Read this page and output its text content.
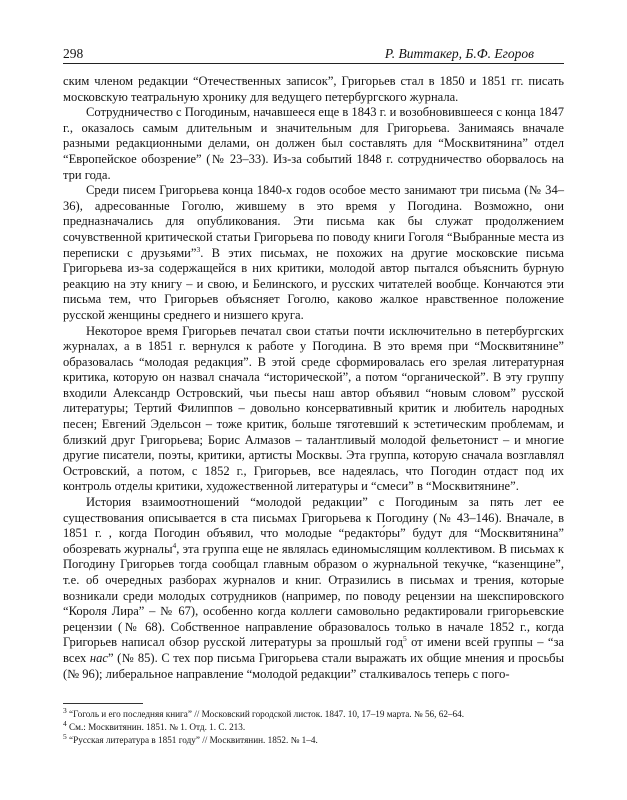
298	Р. Виттакер, Б.Ф. Егоров

ским членом редакции “Отечественных записок”, Григорьев стал в 1850 и 1851 гг. писать московскую театральную хронику для ведущего петербургского журнала.

Сотрудничество с Погодиным, начавшееся еще в 1843 г. и возобновившееся с конца 1847 г., оказалось самым длительным и значительным для Григорьева. Занимаясь вначале разными редакционными делами, он должен был составлять для “Москвитянина” отдел “Европейское обозрение” (№ 23–33). Из-за событий 1848 г. сотрудничество оборвалось на три года.

Среди писем Григорьева конца 1840-х годов особое место занимают три письма (№ 34–36), адресованные Гоголю, жившему в это время у Погодина. Возможно, они предназначались для опубликования. Эти письма как бы служат продолжением сочувственной критической статьи Григорьева по поводу книги Гоголя “Выбранные места из переписки с друзьями”$^3$. В этих письмах, не похожих на другие московские письма Григорьева из-за содержащейся в них критики, молодой автор пытался объяснить бурную реакцию на эту книгу – и свою, и Белинского, и русских читателей вообще. Кончаются эти письма тем, что Григорьев объясняет Гоголю, каково жалкое нравственное положение русской женщины среднего и низшего круга.

Некоторое время Григорьев печатал свои статьи почти исключительно в петербургских журналах, а в 1851 г. вернулся к работе у Погодина. В это время при “Москвитянине” образовалась “молодая редакция”. В этой среде сформировалась его зрелая литературная критика, которую он назвал сначала “исторической”, а потом “органической”. В эту группу входили Александр Островский, чьи пьесы наш автор объявил “новым словом” русской литературы; Тертий Филиппов – довольно консервативный критик и любитель народных песен; Евгений Эдельсон – тоже критик, больше тяготевший к эстетическим проблемам, и близкий друг Григорьева; Борис Алмазов – талантливый молодой фельетонист – и многие другие писатели, поэты, критики, артисты Москвы. Эта группа, которую сначала возглавлял Островский, а потом, с 1852 г., Григорьев, все надеялась, что Погодин отдаст под их контроль отделы критики, художественной литературы и “смеси” в “Москвитянине”.

История взаимоотношений “молодой редакции” с Погодиным за пять лет ее существования описывается в ста письмах Григорьева к Погодину (№ 43–146). Вначале, в 1851 г. , когда Погодин объявил, что молодые “редакто́ры” будут для “Москвитянина” обозревать журналы$^4$, эта группа еще не являлась единомыслящим коллективом. В письмах к Погодину Григорьев тогда сообщал главным образом о журнальной текучке, “казенщине”, т.е. об очередных разборах журналов и книг. Отразились в письмах и трения, которые возникали среди молодых сотрудников (например, по поводу рецензии на шекспировского “Короля Лира” – № 67), особенно когда коллеги самовольно редактировали григорьевские рецензии (№ 68). Собственное направление образовалось только в начале 1852 г., когда Григорьев написал обзор русской литературы за прошлый год$^5$ от имени всей группы – “за всех нас” (№ 85). С тех пор письма Григорьева стали выражать их общие мнения и просьбы (№ 96); либеральное направление “молодой редакции” сталкивалось теперь с пого-

$^3$ “Гоголь и его последняя книга” // Московский городской листок. 1847. 10, 17–19 марта. № 56, 62–64.
$^4$ См.: Москвитянин. 1851. № 1. Отд. 1. С. 213.
$^5$ “Русская литература в 1851 году” // Москвитянин. 1852. № 1–4.
